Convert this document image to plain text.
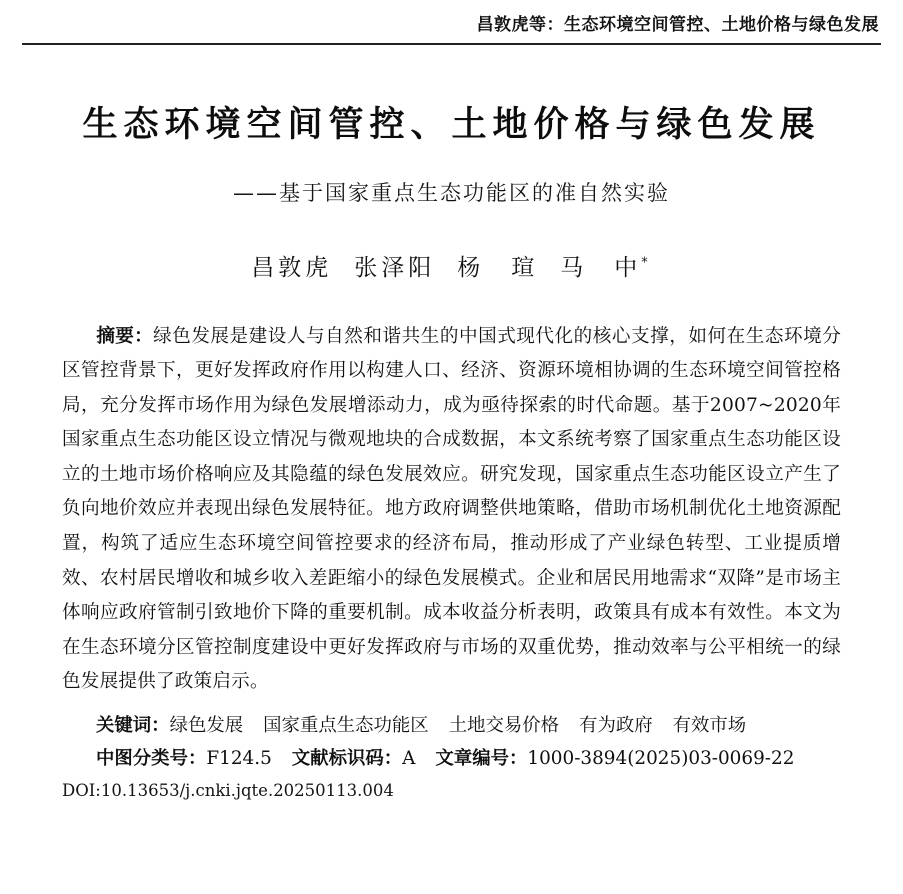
昌敦虎等：生态环境空间管控、土地价格与绿色发展
生态环境空间管控、土地价格与绿色发展
——基于国家重点生态功能区的准自然实验
昌敦虎 张泽阳 杨　瑄 马　中*
摘要：绿色发展是建设人与自然和谐共生的中国式现代化的核心支撑，如何在生态环境分区管控背景下，更好发挥政府作用以构建人口、经济、资源环境相协调的生态环境空间管控格局，充分发挥市场作用为绿色发展增添动力，成为亟待探索的时代命题。基于2007~2020年国家重点生态功能区设立情况与微观地块的合成数据，本文系统考察了国家重点生态功能区设立的土地市场价格响应及其隐蕴的绿色发展效应。研究发现，国家重点生态功能区设立产生了负向地价效应并表现出绿色发展特征。地方政府调整供地策略，借助市场机制优化土地资源配置，构筑了适应生态环境空间管控要求的经济布局，推动形成了产业绿色转型、工业提质增效、农村居民增收和城乡收入差距缩小的绿色发展模式。企业和居民用地需求“双降”是市场主体响应政府管制引致地价下降的重要机制。成本收益分析表明，政策具有成本有效性。本文为在生态环境分区管控制度建设中更好发挥政府与市场的双重优势，推动效率与公平相统一的绿色发展提供了政策启示。
关键词：绿色发展 国家重点生态功能区 土地交易价格 有为政府 有效市场
中图分类号：F124.5 文献标识码：A 文章编号：1000-3894(2025)03-0069-22
DOI:10.13653/j.cnki.jqte.20250113.004
